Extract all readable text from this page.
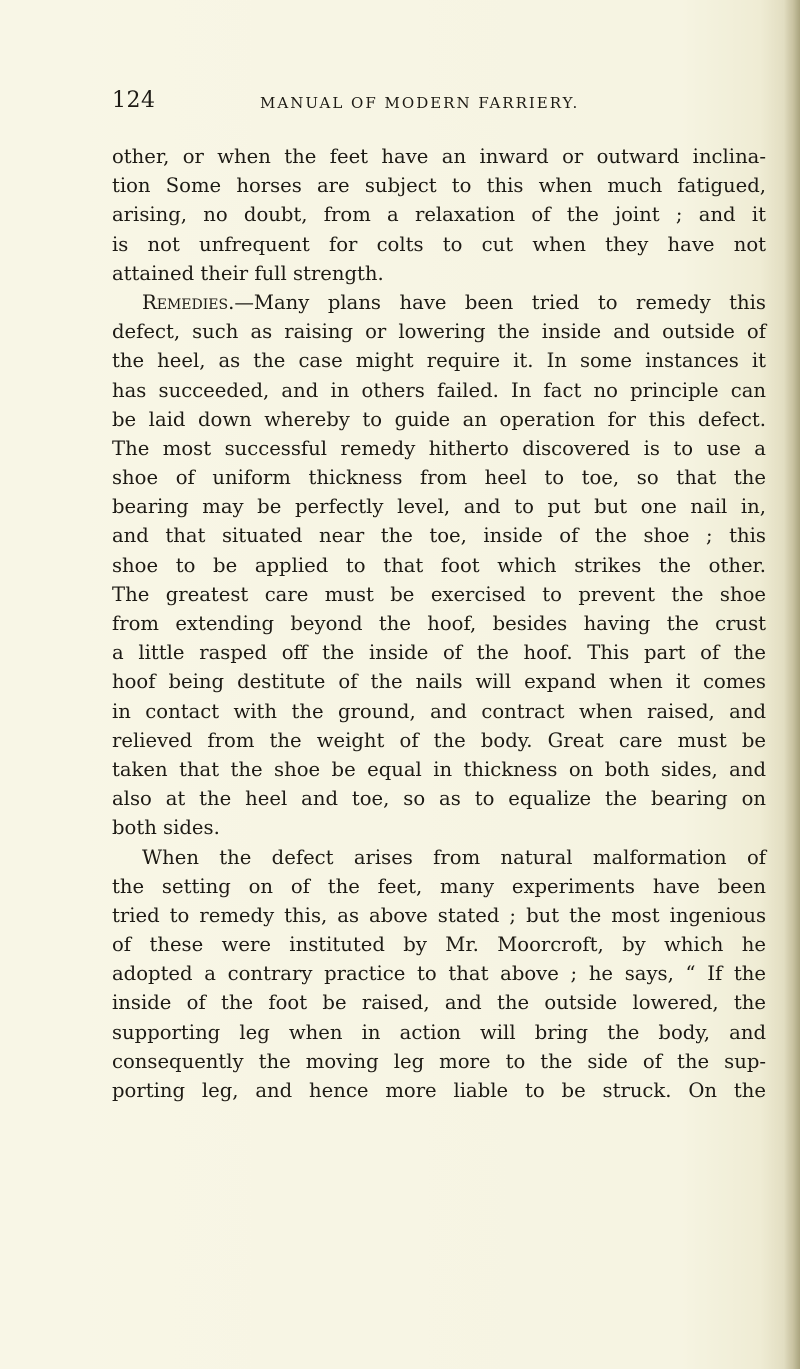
124	MANUAL OF MODERN FARRIERY.
other, or when the feet have an inward or outward inclina-
tion Some horses are subject to this when much fatigued,
arising, no doubt, from a relaxation of the joint ; and it
is not unfrequent for colts to cut when they have not
attained their full strength.
Remedies.—Many plans have been tried to remedy this
defect, such as raising or lowering the inside and outside of
the heel, as the case might require it. In some instances it
has succeeded, and in others failed. In fact no principle can
be laid down whereby to guide an operation for this defect.
The most successful remedy hitherto discovered is to use a
shoe of uniform thickness from heel to toe, so that the
bearing may be perfectly level, and to put but one nail in,
and that situated near the toe, inside of the shoe ; this
shoe to be applied to that foot which strikes the other.
The greatest care must be exercised to prevent the shoe
from extending beyond the hoof, besides having the crust
a little rasped off the inside of the hoof. This part of the
hoof being destitute of the nails will expand when it comes
in contact with the ground, and contract when raised, and
relieved from the weight of the body. Great care must be
taken that the shoe be equal in thickness on both sides, and
also at the heel and toe, so as to equalize the bearing on
both sides.
When the defect arises from natural malformation of
the setting on of the feet, many experiments have been
tried to remedy this, as above stated ; but the most ingenious
of these were instituted by Mr. Moorcroft, by which he
adopted a contrary practice to that above ; he says, “ If the
inside of the foot be raised, and the outside lowered, the
supporting leg when in action will bring the body, and
consequently the moving leg more to the side of the sup-
porting leg, and hence more liable to be struck. On the
